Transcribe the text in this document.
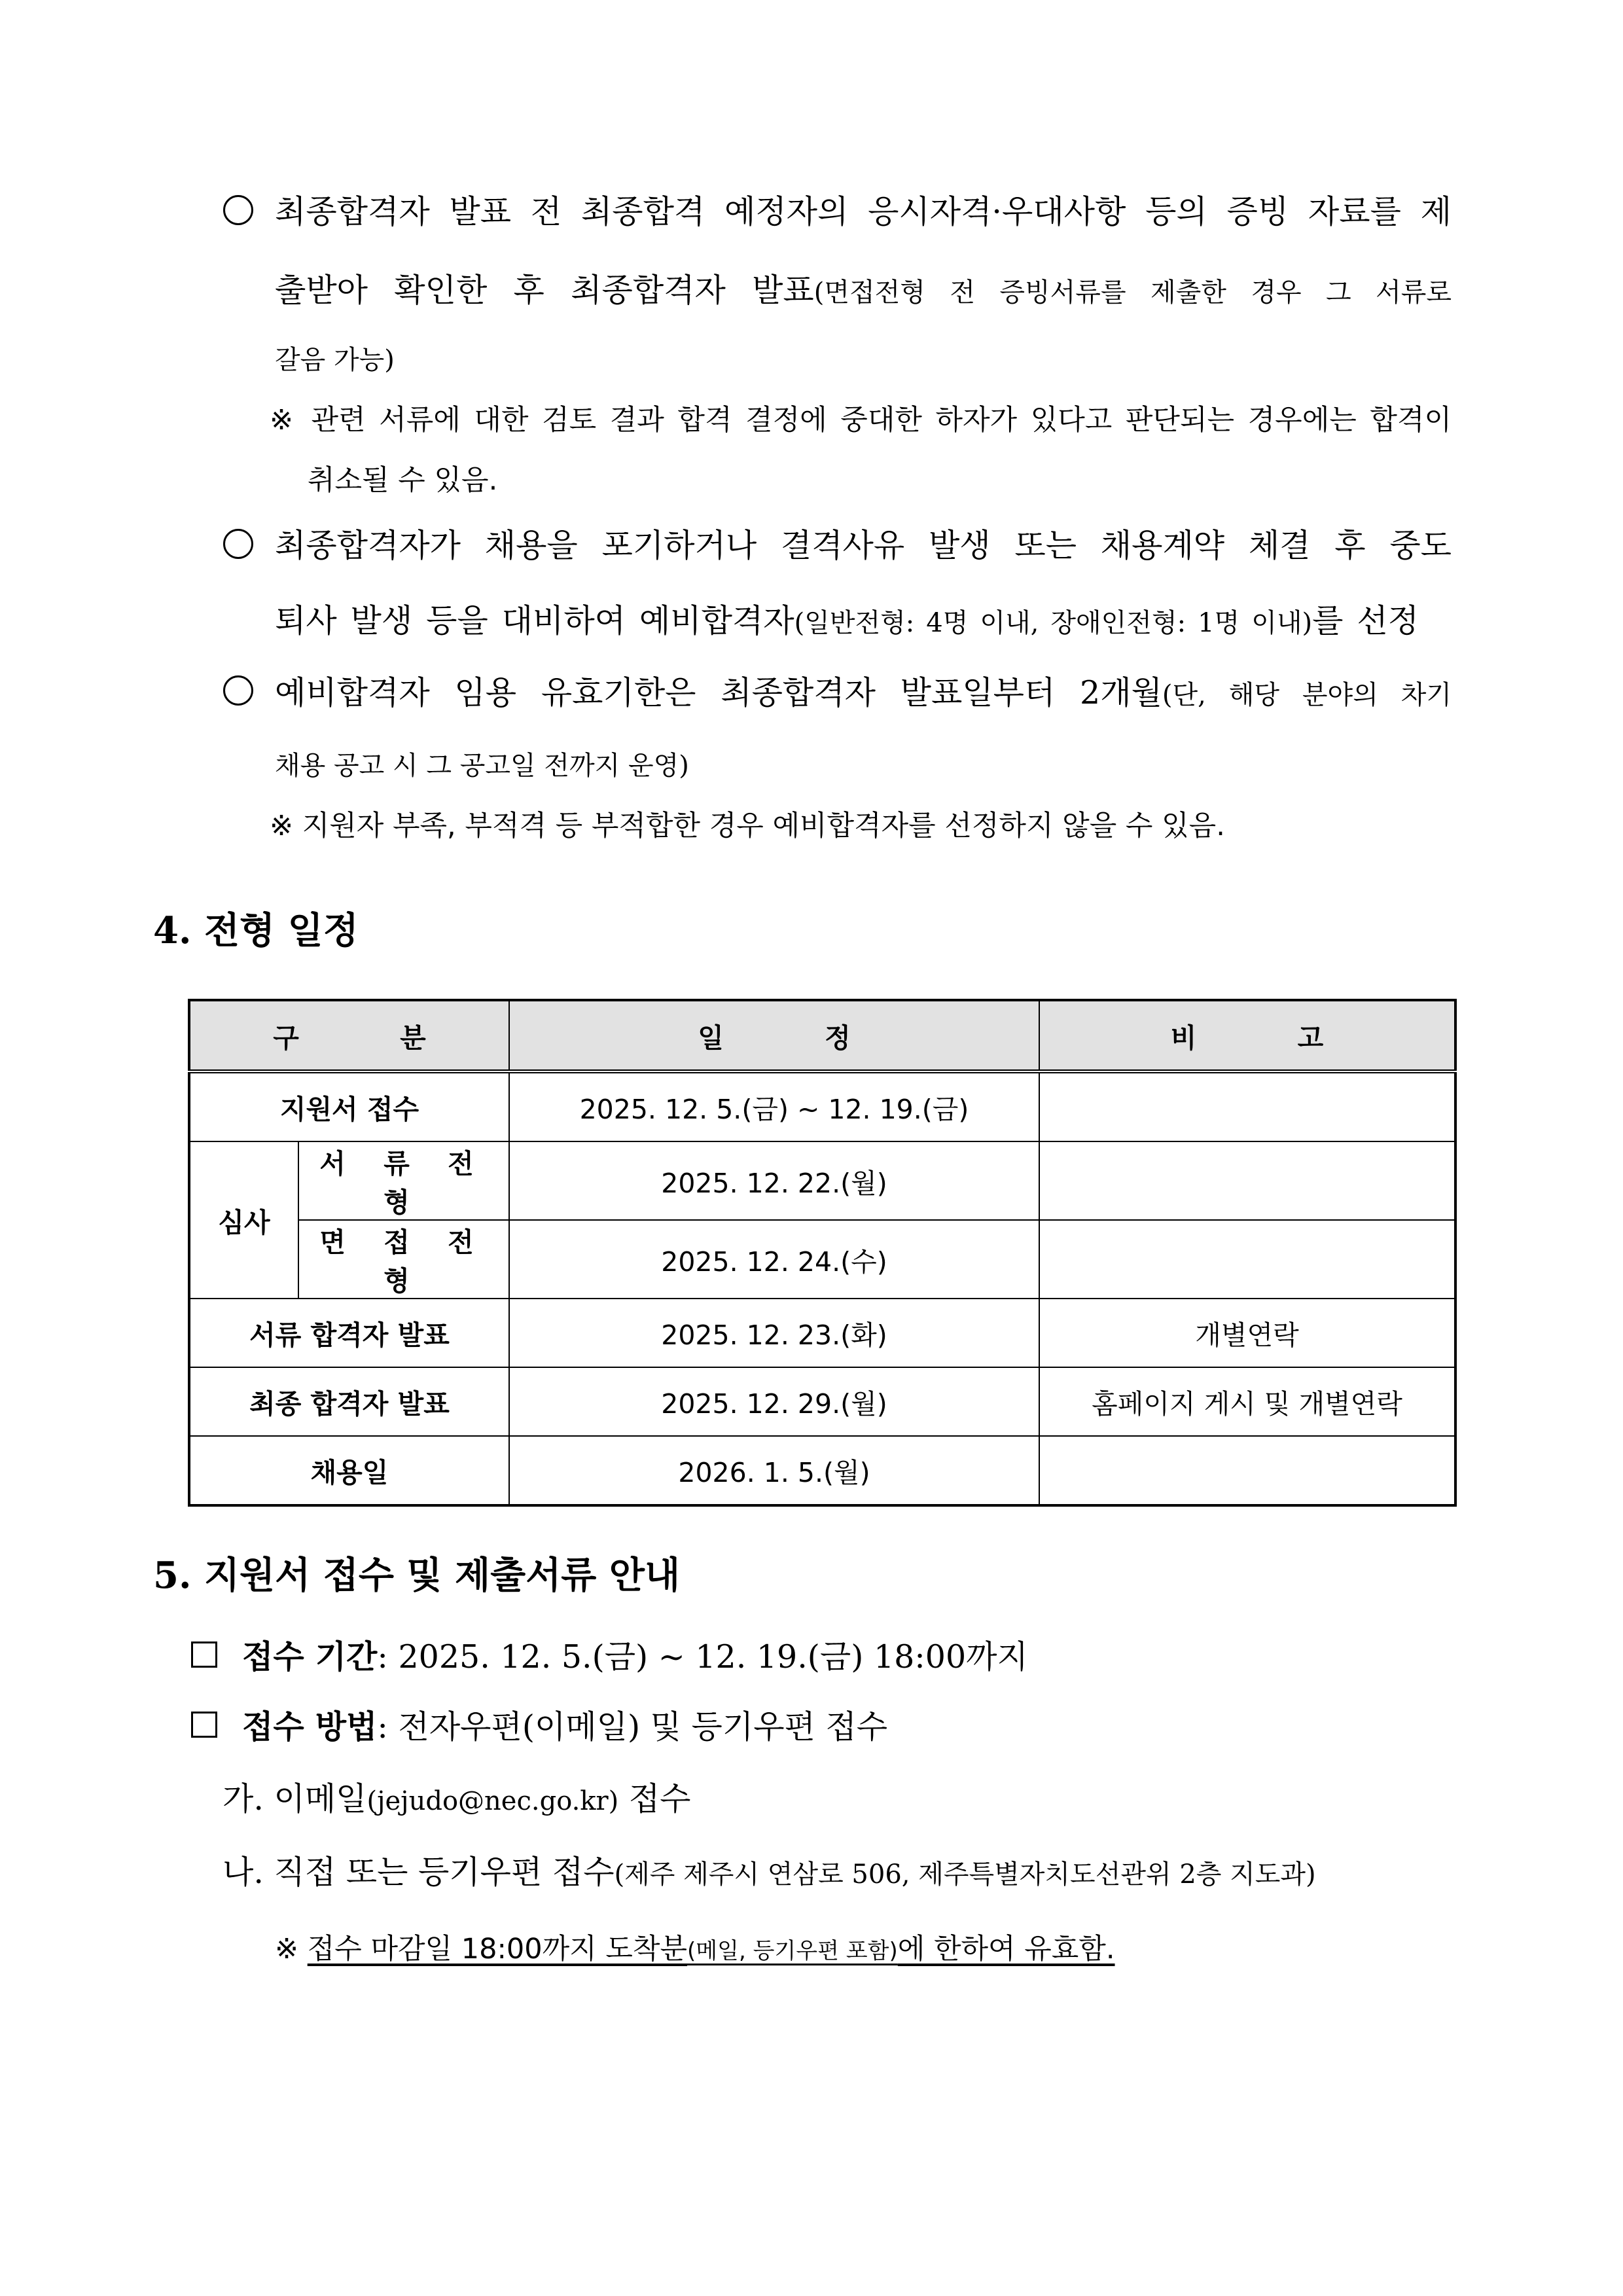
최종합격자 발표 전 최종합격 예정자의 응시자격·우대사항 등의 증빙 자료를 제
출받아 확인한 후 최종합격자 발표(면접전형 전 증빙서류를 제출한 경우 그 서류로
갈음 가능)
※ 관련 서류에 대한 검토 결과 합격 결정에 중대한 하자가 있다고 판단되는 경우에는 합격이
취소될 수 있음.
최종합격자가 채용을 포기하거나 결격사유 발생 또는 채용계약 체결 후 중도
퇴사 발생 등을 대비하여 예비합격자(일반전형: 4명 이내, 장애인전형: 1명 이내)를 선정
예비합격자 임용 유효기한은 최종합격자 발표일부터 2개월(단, 해당 분야의 차기
채용 공고 시 그 공고일 전까지 운영)
※ 지원자 부족, 부적격 등 부적합한 경우 예비합격자를 선정하지 않을 수 있음.
4. 전형 일정
구 분		일 정	비 고
지원서 접수		2025. 12. 5.(금) ~ 12. 19.(금)	
심사	서 류 전 형	2025. 12. 22.(월)	
	면 접 전 형	2025. 12. 24.(수)	
서류 합격자 발표		2025. 12. 23.(화)	개별연락
최종 합격자 발표		2025. 12. 29.(월)	홈페이지 게시 및 개별연락
채용일		2026. 1. 5.(월)	
5. 지원서 접수 및 제출서류 안내
접수 기간: 2025. 12. 5.(금) ~ 12. 19.(금) 18:00까지
접수 방법: 전자우편(이메일) 및 등기우편 접수
가. 이메일(jejudo@nec.go.kr) 접수
나. 직접 또는 등기우편 접수(제주 제주시 연삼로 506, 제주특별자치도선관위 2층 지도과)
※ 접수 마감일 18:00까지 도착분(메일, 등기우편 포함)에 한하여 유효함.
